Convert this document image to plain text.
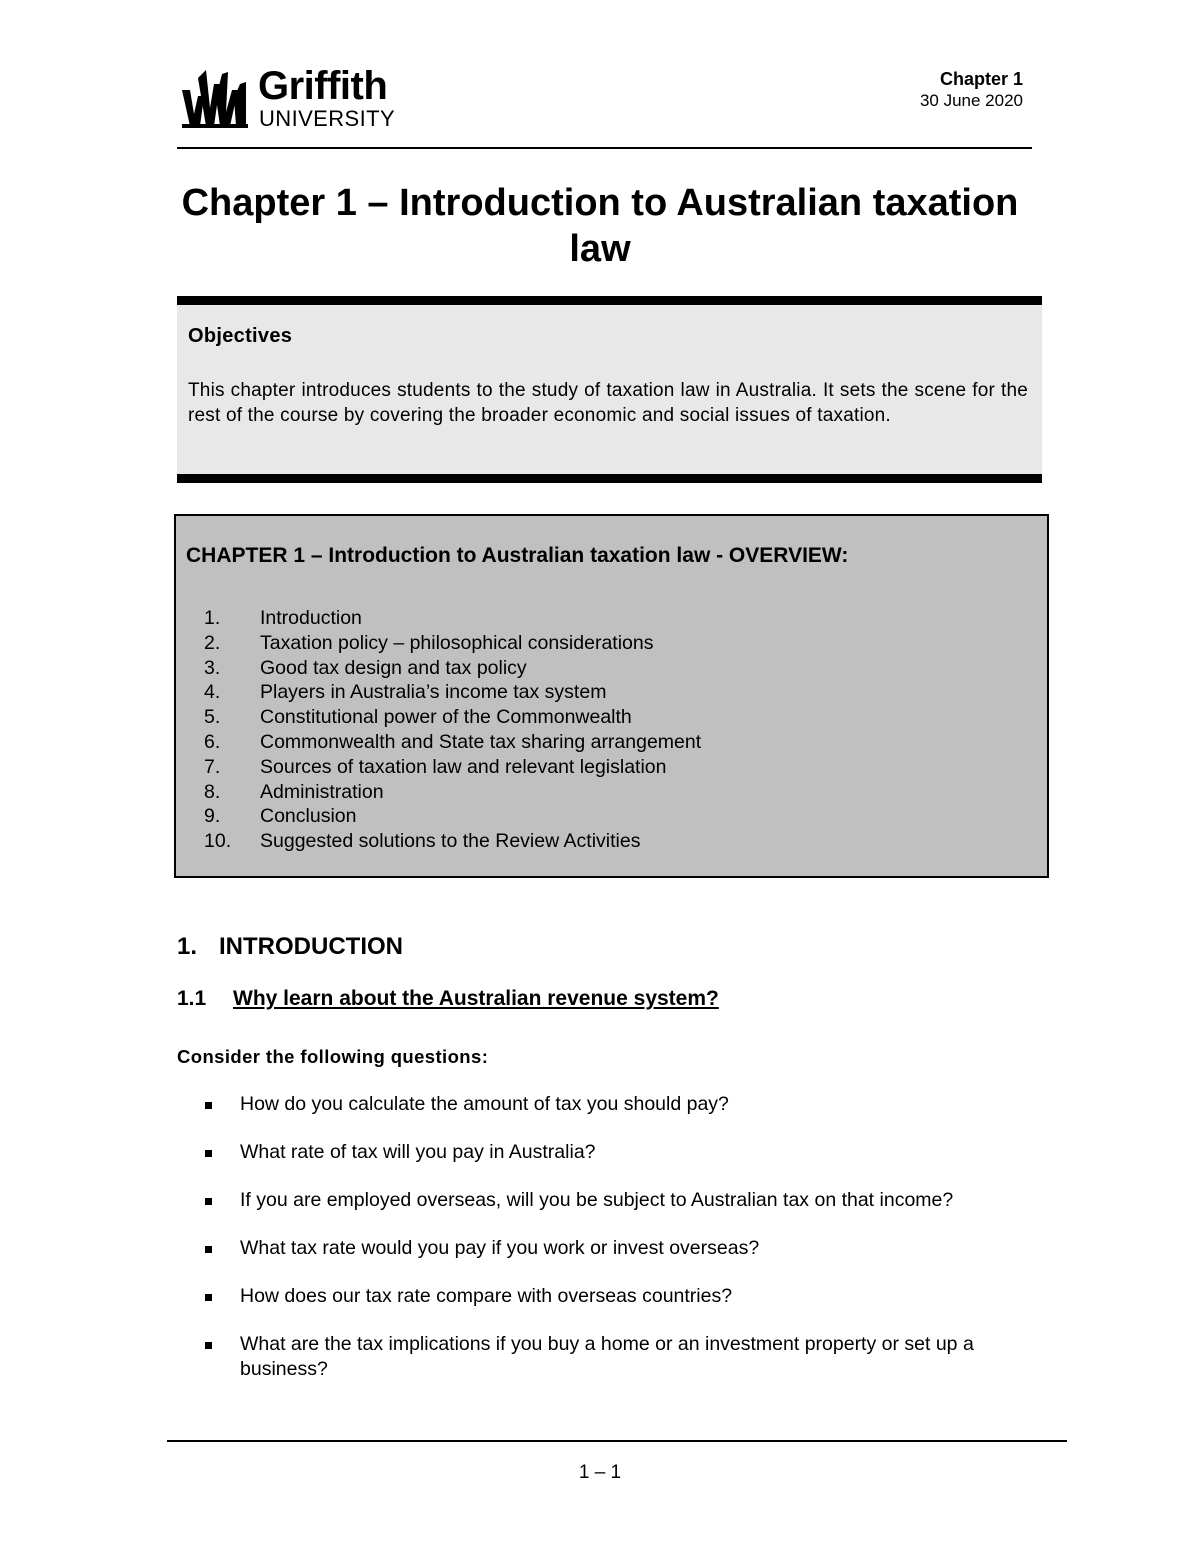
Griffith
UNIVERSITY
Chapter 1
30 June 2020
Chapter 1 – Introduction to Australian taxation law
Objectives
This chapter introduces students to the study of taxation law in Australia. It sets the scene for the rest of the course by covering the broader economic and social issues of taxation.
CHAPTER 1 – Introduction to Australian taxation law - OVERVIEW:
1. Introduction
2. Taxation policy – philosophical considerations
3. Good tax design and tax policy
4. Players in Australia’s income tax system
5. Constitutional power of the Commonwealth
6. Commonwealth and State tax sharing arrangement
7. Sources of taxation law and relevant legislation
8. Administration
9. Conclusion
10. Suggested solutions to the Review Activities
1. INTRODUCTION
1.1 Why learn about the Australian revenue system?
Consider the following questions:
How do you calculate the amount of tax you should pay?
What rate of tax will you pay in Australia?
If you are employed overseas, will you be subject to Australian tax on that income?
What tax rate would you pay if you work or invest overseas?
How does our tax rate compare with overseas countries?
What are the tax implications if you buy a home or an investment property or set up a business?
1 – 1
